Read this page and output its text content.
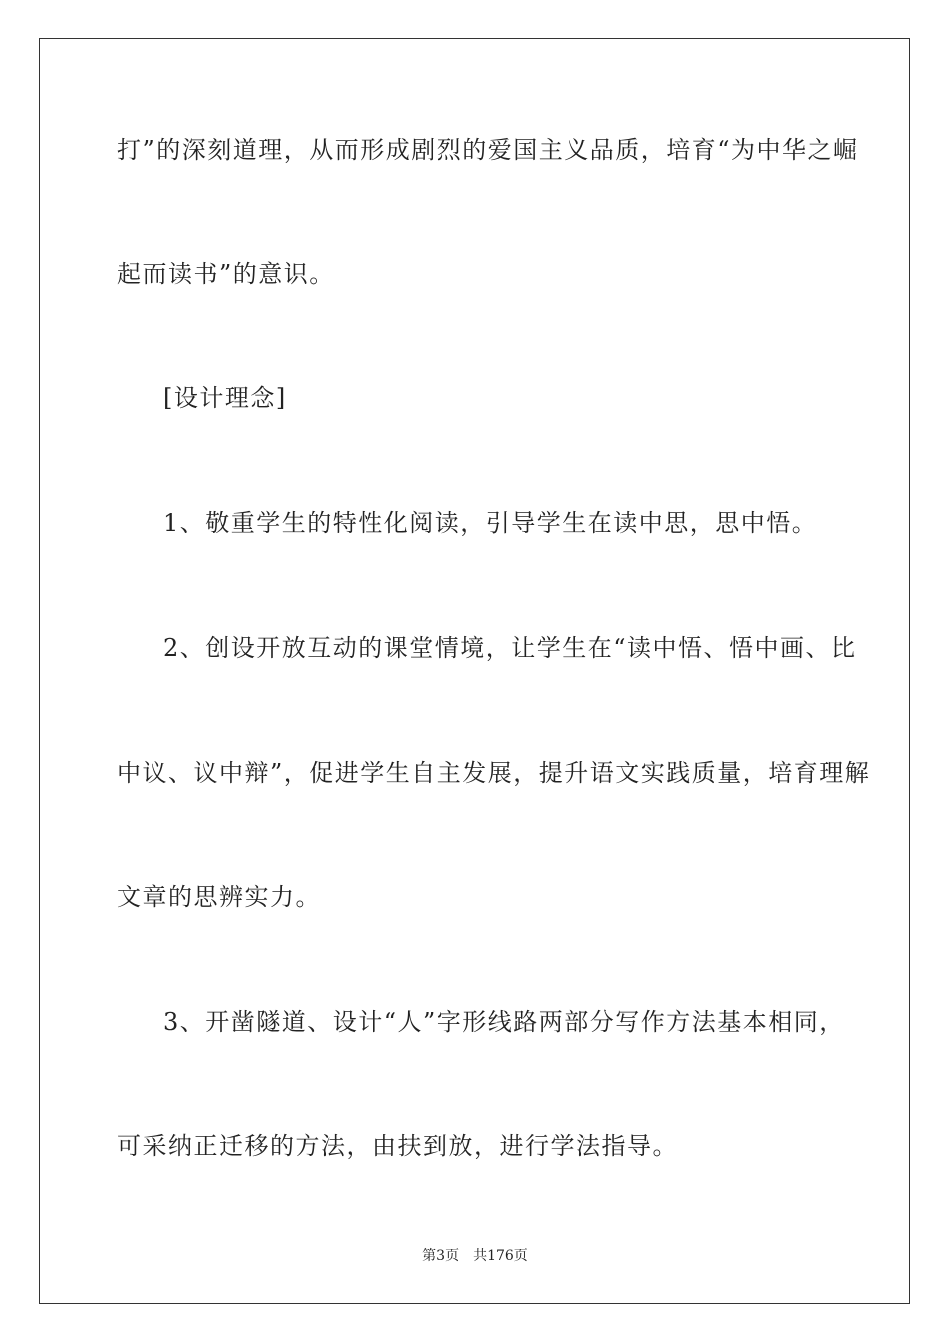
打”的深刻道理，从而形成剧烈的爱国主义品质，培育“为中华之崛
起而读书”的意识。
[设计理念]
1、敬重学生的特性化阅读，引导学生在读中思，思中悟。
2、创设开放互动的课堂情境，让学生在“读中悟、悟中画、比
中议、议中辩”，促进学生自主发展，提升语文实践质量，培育理解
文章的思辨实力。
3、开凿隧道、设计“人”字形线路两部分写作方法基本相同，
可采纳正迁移的方法，由扶到放，进行学法指导。
第3页　共176页
